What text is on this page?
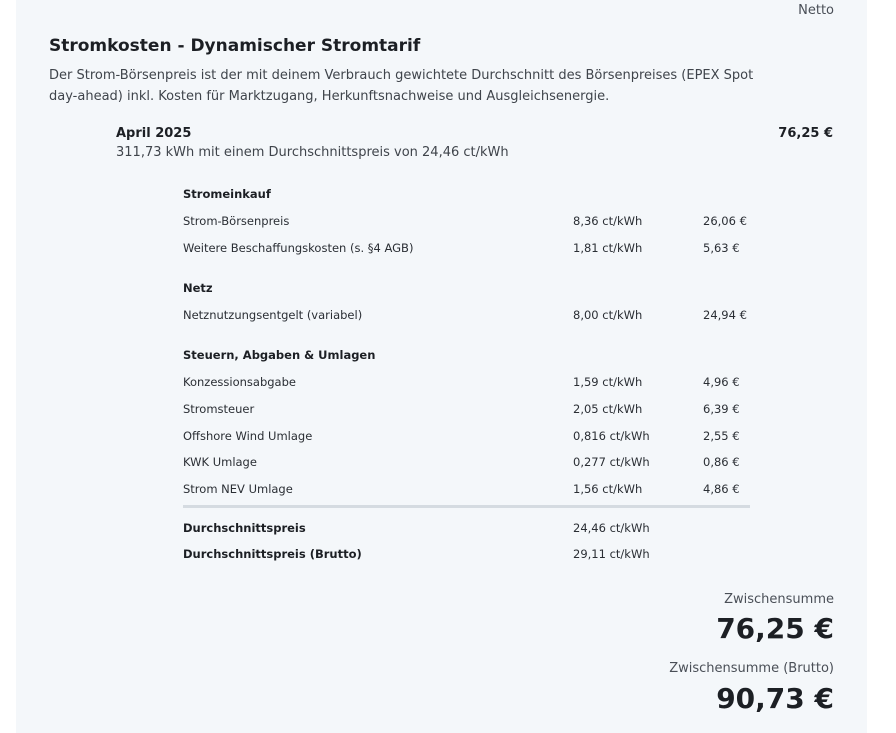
Netto
Stromkosten - Dynamischer Stromtarif

Der Strom-Börsenpreis ist der mit deinem Verbrauch gewichtete Durchschnitt des Börsenpreises (EPEX Spot day-ahead) inkl. Kosten für Marktzugang, Herkunftsnachweise und Ausgleichsenergie.

April 2025	76,25 €
311,73 kWh mit einem Durchschnittspreis von 24,46 ct/kWh
Stromeinkauf
Strom-Börsenpreis	8,36 ct/kWh	26,06 €
Weitere Beschaffungskosten (s. §4 AGB)	1,81 ct/kWh	5,63 €
Netz
Netznutzungsentgelt (variabel)	8,00 ct/kWh	24,94 €
Steuern, Abgaben & Umlagen
Konzessionsabgabe	1,59 ct/kWh	4,96 €
Stromsteuer	2,05 ct/kWh	6,39 €
Offshore Wind Umlage	0,816 ct/kWh	2,55 €
KWK Umlage	0,277 ct/kWh	0,86 €
Strom NEV Umlage	1,56 ct/kWh	4,86 €
Durchschnittspreis	24,46 ct/kWh
Durchschnittspreis (Brutto)	29,11 ct/kWh
Zwischensumme
76,25 €
Zwischensumme (Brutto)
90,73 €
